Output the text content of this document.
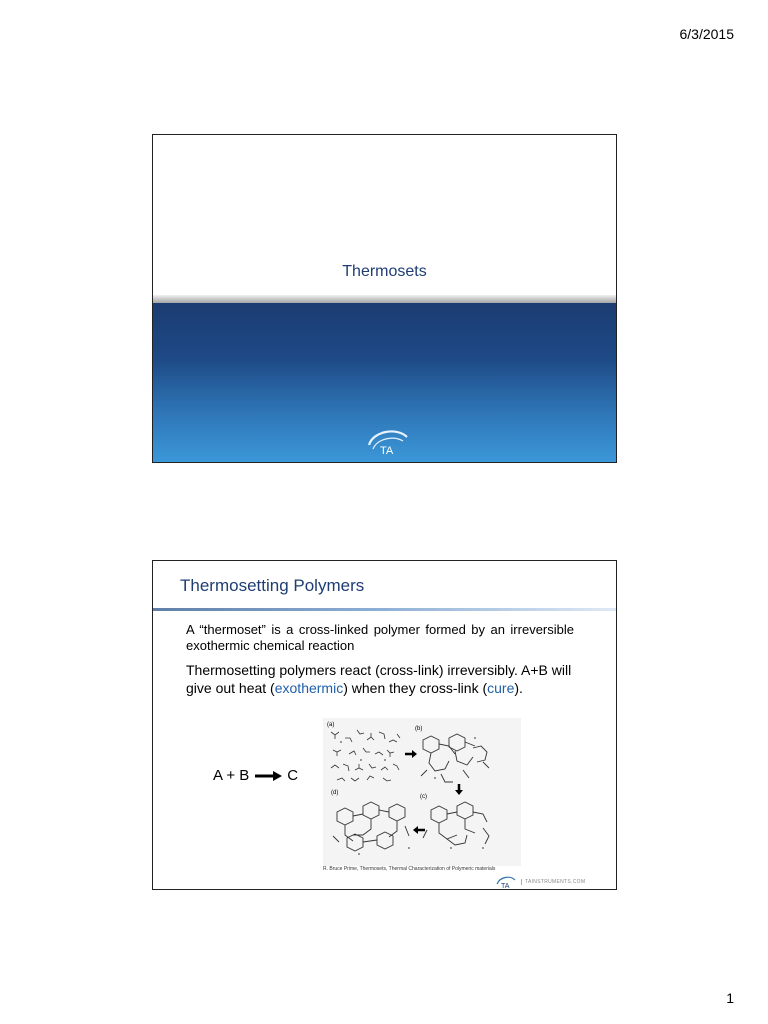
6/3/2015
Thermosets
TA
Thermosetting Polymers
A “thermoset” is a cross-linked polymer formed by an irreversible exothermic chemical reaction
Thermosetting polymers react (cross-link) irreversibly. A+B will give out heat (exothermic) when they cross-link (cure).
A + B	C
(a)
(b)
(c)
(d)
R. Bruce Prime, Thermosets, Thermal Characterization of Polymeric materials
TA
TAINSTRUMENTS.COM
1
